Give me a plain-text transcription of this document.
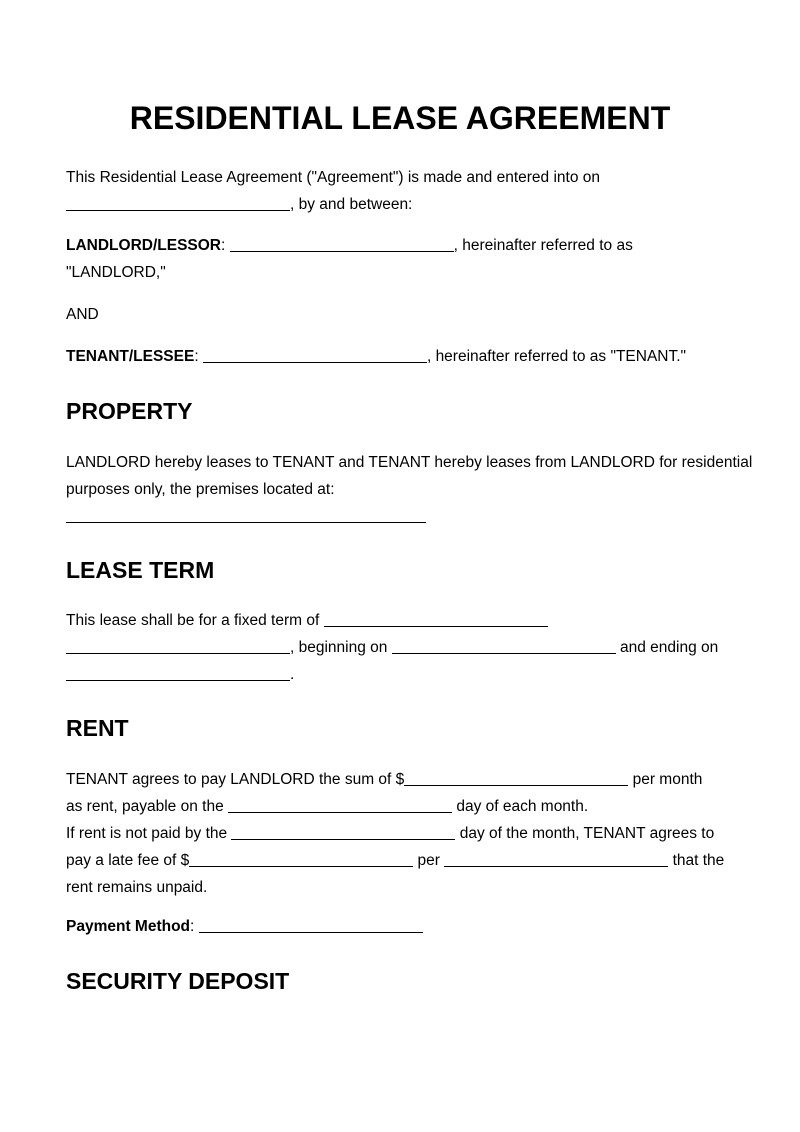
RESIDENTIAL LEASE AGREEMENT

This Residential Lease Agreement ("Agreement") is made and entered into on
, by and between:

LANDLORD/LESSOR:	, hereinafter referred to as
"LANDLORD,"

AND

TENANT/LESSEE:	, hereinafter referred to as "TENANT."

PROPERTY

LANDLORD hereby leases to TENANT and TENANT hereby leases from LANDLORD for residential purposes only, the premises located at:

LEASE TERM

This lease shall be for a fixed term of
, beginning on	and ending on
.

RENT

TENANT agrees to pay LANDLORD the sum of $	per month
as rent, payable on the	day of each month.
If rent is not paid by the	day of the month, TENANT agrees to
pay a late fee of $	per	that the
rent remains unpaid.

Payment Method:

SECURITY DEPOSIT
